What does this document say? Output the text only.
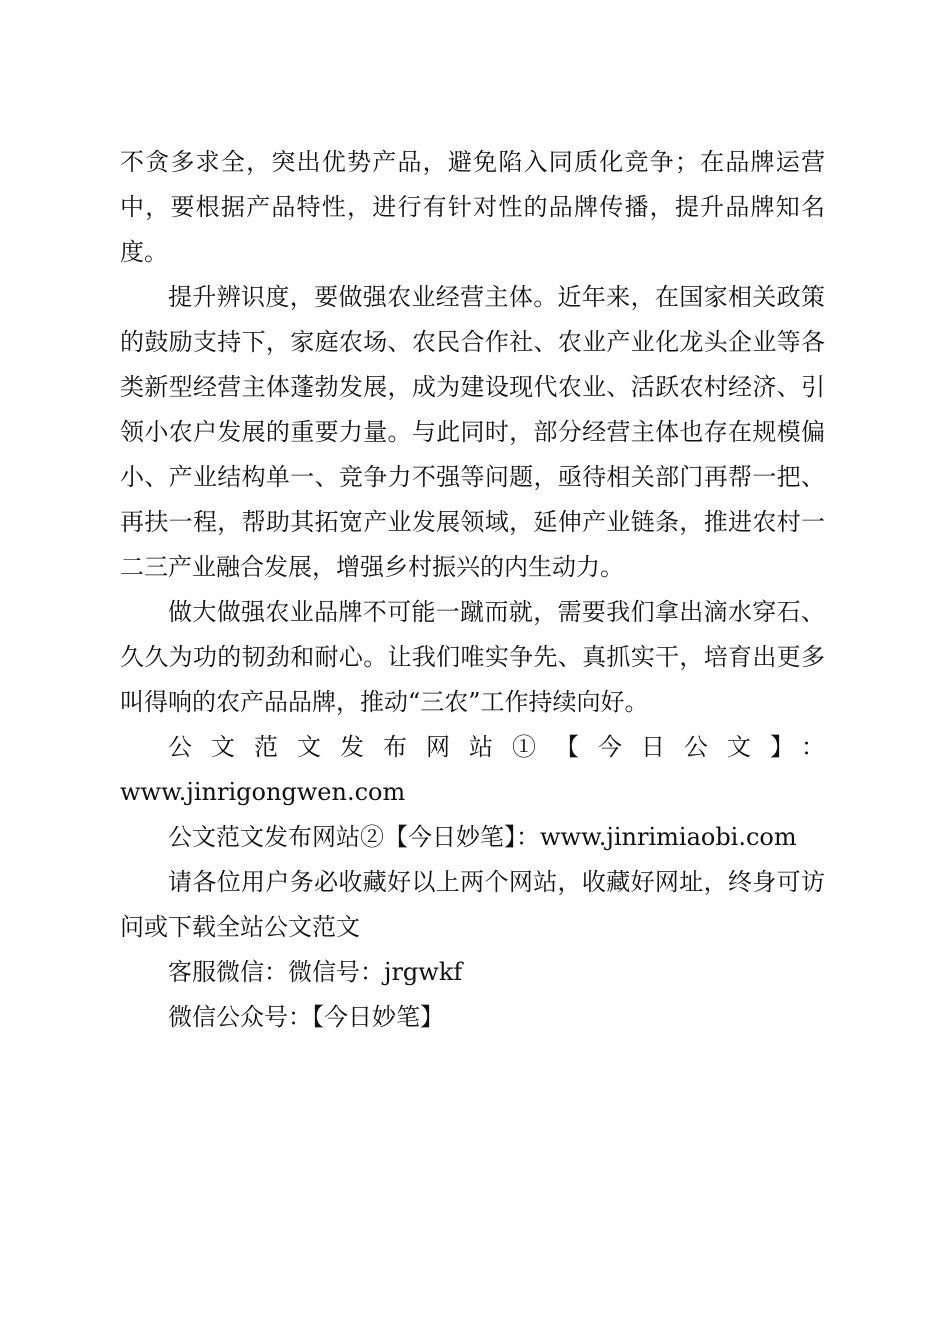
不贪多求全，突出优势产品，避免陷入同质化竞争；在品牌运营中，要根据产品特性，进行有针对性的品牌传播，提升品牌知名度。

提升辨识度，要做强农业经营主体。近年来，在国家相关政策的鼓励支持下，家庭农场、农民合作社、农业产业化龙头企业等各类新型经营主体蓬勃发展，成为建设现代农业、活跃农村经济、引领小农户发展的重要力量。与此同时，部分经营主体也存在规模偏小、产业结构单一、竞争力不强等问题，亟待相关部门再帮一把、再扶一程，帮助其拓宽产业发展领域，延伸产业链条，推进农村一二三产业融合发展，增强乡村振兴的内生动力。

做大做强农业品牌不可能一蹴而就，需要我们拿出滴水穿石、久久为功的韧劲和耐心。让我们唯实争先、真抓实干，培育出更多叫得响的农产品品牌，推动“三农”工作持续向好。

公文范文发布网站①【今日公文】：

www.jinrigongwen.com

公文范文发布网站②【今日妙笔】：www.jinrimiaobi.com

请各位用户务必收藏好以上两个网站，收藏好网址，终身可访问或下载全站公文范文

客服微信：微信号：jrgwkf

微信公众号：【今日妙笔】
